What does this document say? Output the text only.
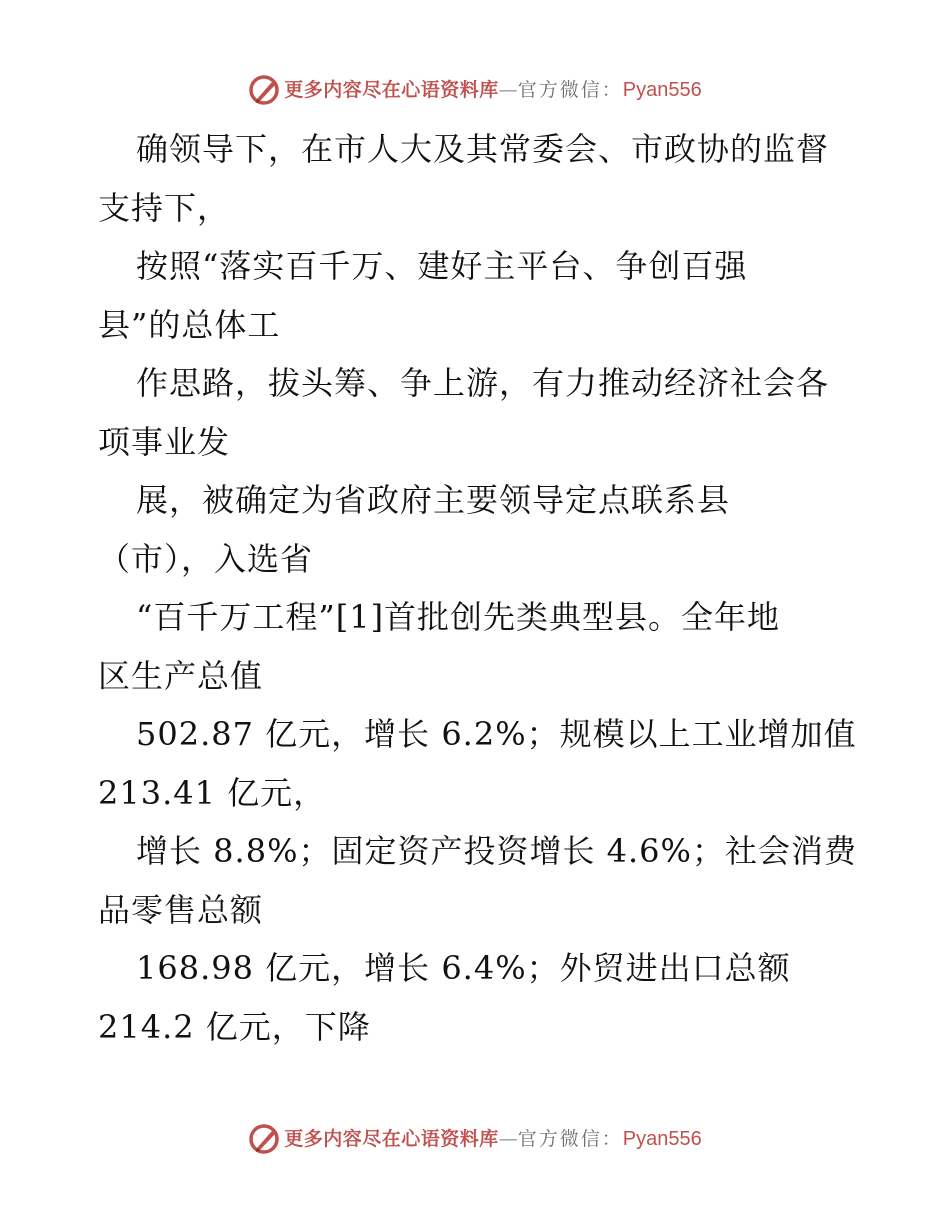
更多内容尽在心语资料库 — 官方微信： Pyan556
确领导下，在市人大及其常委会、市政协的监督
支持下，
按照“落实百千万、建好主平台、争创百强
县”的总体工
作思路，拔头筹、争上游，有力推动经济社会各
项事业发
展，被确定为省政府主要领导定点联系县
（市），入选省
“百千万工程”[1]首批创先类典型县。全年地
区生产总值
502.87 亿元，增长 6.2%；规模以上工业增加值
213.41 亿元，
增长 8.8%；固定资产投资增长 4.6%；社会消费
品零售总额
168.98 亿元，增长 6.4%；外贸进出口总额
214.2 亿元，下降
更多内容尽在心语资料库 — 官方微信： Pyan556
